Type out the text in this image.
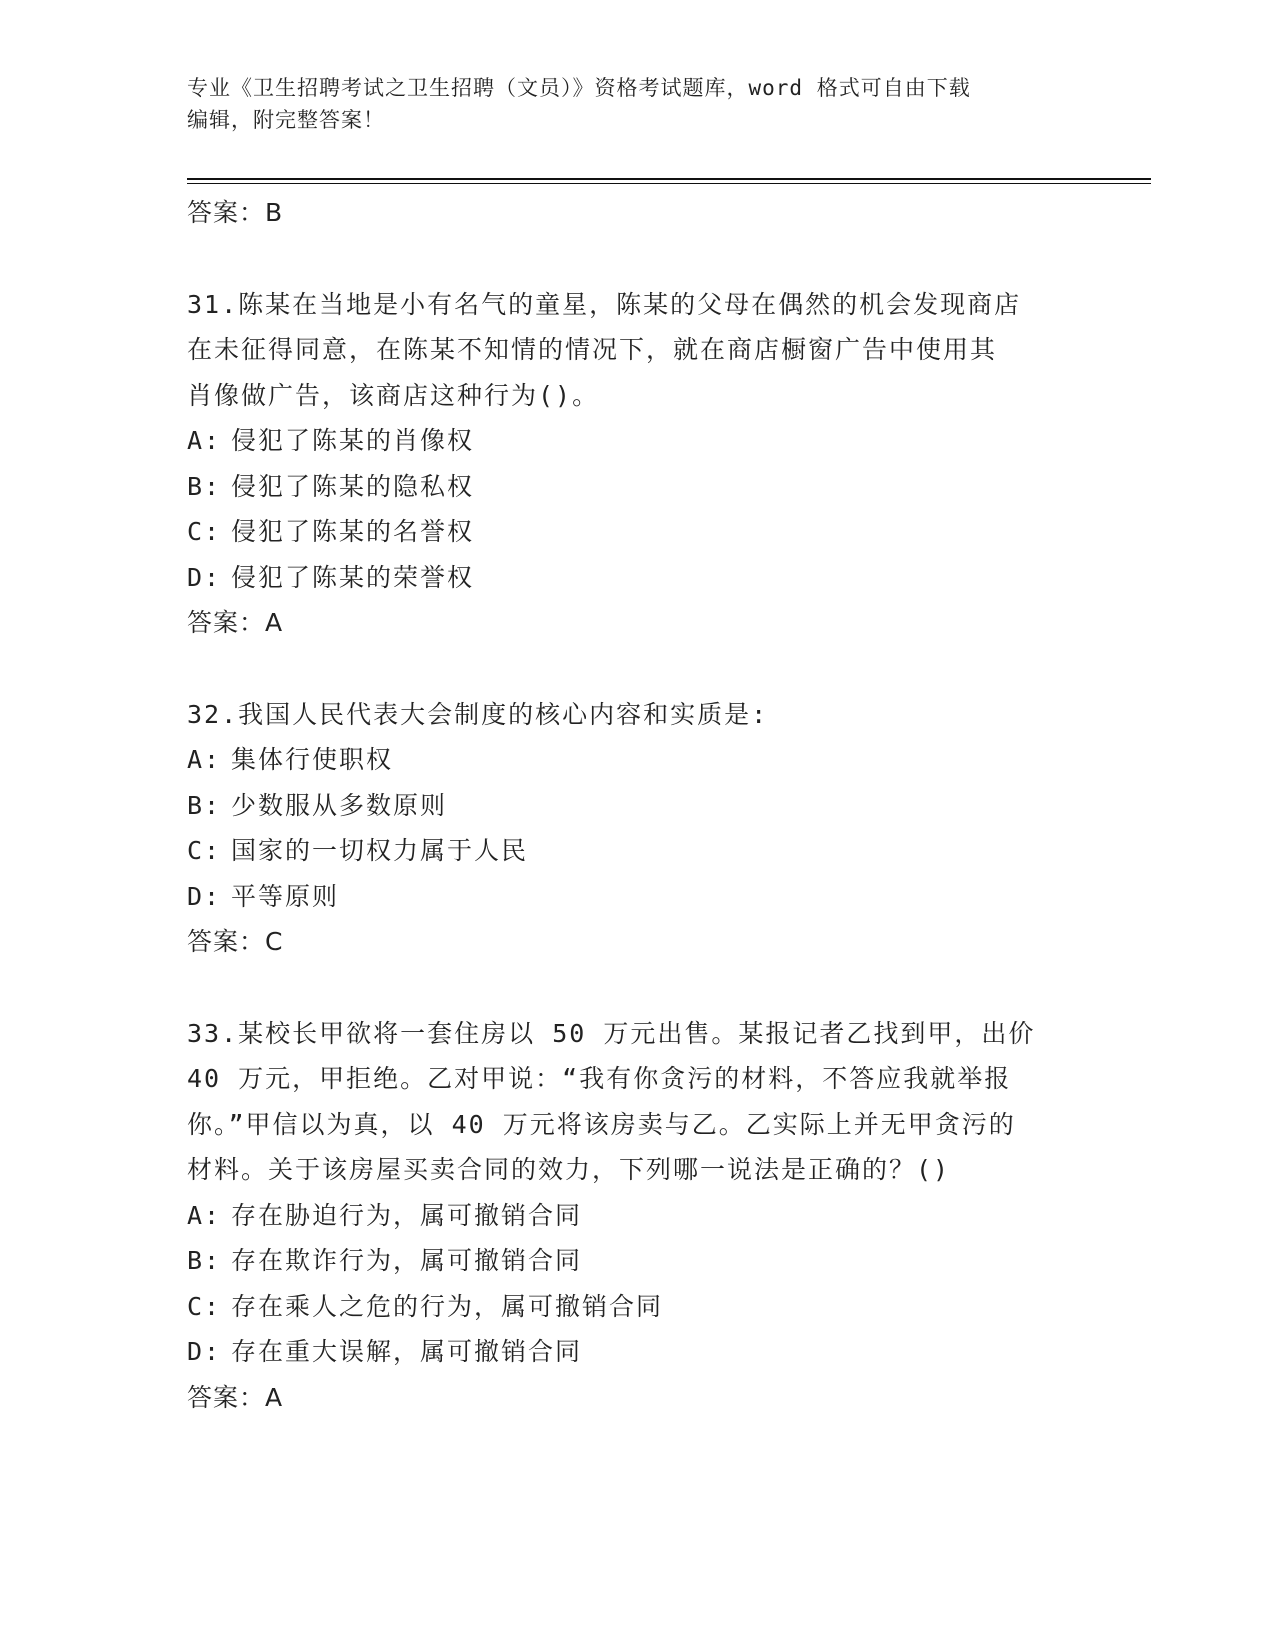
专业《卫生招聘考试之卫生招聘（文员）》资格考试题库，word 格式可自由下载
编辑，附完整答案！
答案：B
31.陈某在当地是小有名气的童星，陈某的父母在偶然的机会发现商店
在未征得同意，在陈某不知情的情况下，就在商店橱窗广告中使用其
肖像做广告，该商店这种行为()。
A: 侵犯了陈某的肖像权
B: 侵犯了陈某的隐私权
C: 侵犯了陈某的名誉权
D: 侵犯了陈某的荣誉权
答案：A
32.我国人民代表大会制度的核心内容和实质是:
A: 集体行使职权
B: 少数服从多数原则
C: 国家的一切权力属于人民
D: 平等原则
答案：C
33.某校长甲欲将一套住房以 50 万元出售。某报记者乙找到甲，出价
40 万元，甲拒绝。乙对甲说：“我有你贪污的材料，不答应我就举报
你。”甲信以为真，以 40 万元将该房卖与乙。乙实际上并无甲贪污的
材料。关于该房屋买卖合同的效力，下列哪一说法是正确的？()
A: 存在胁迫行为，属可撤销合同
B: 存在欺诈行为，属可撤销合同
C: 存在乘人之危的行为，属可撤销合同
D: 存在重大误解，属可撤销合同
答案：A
